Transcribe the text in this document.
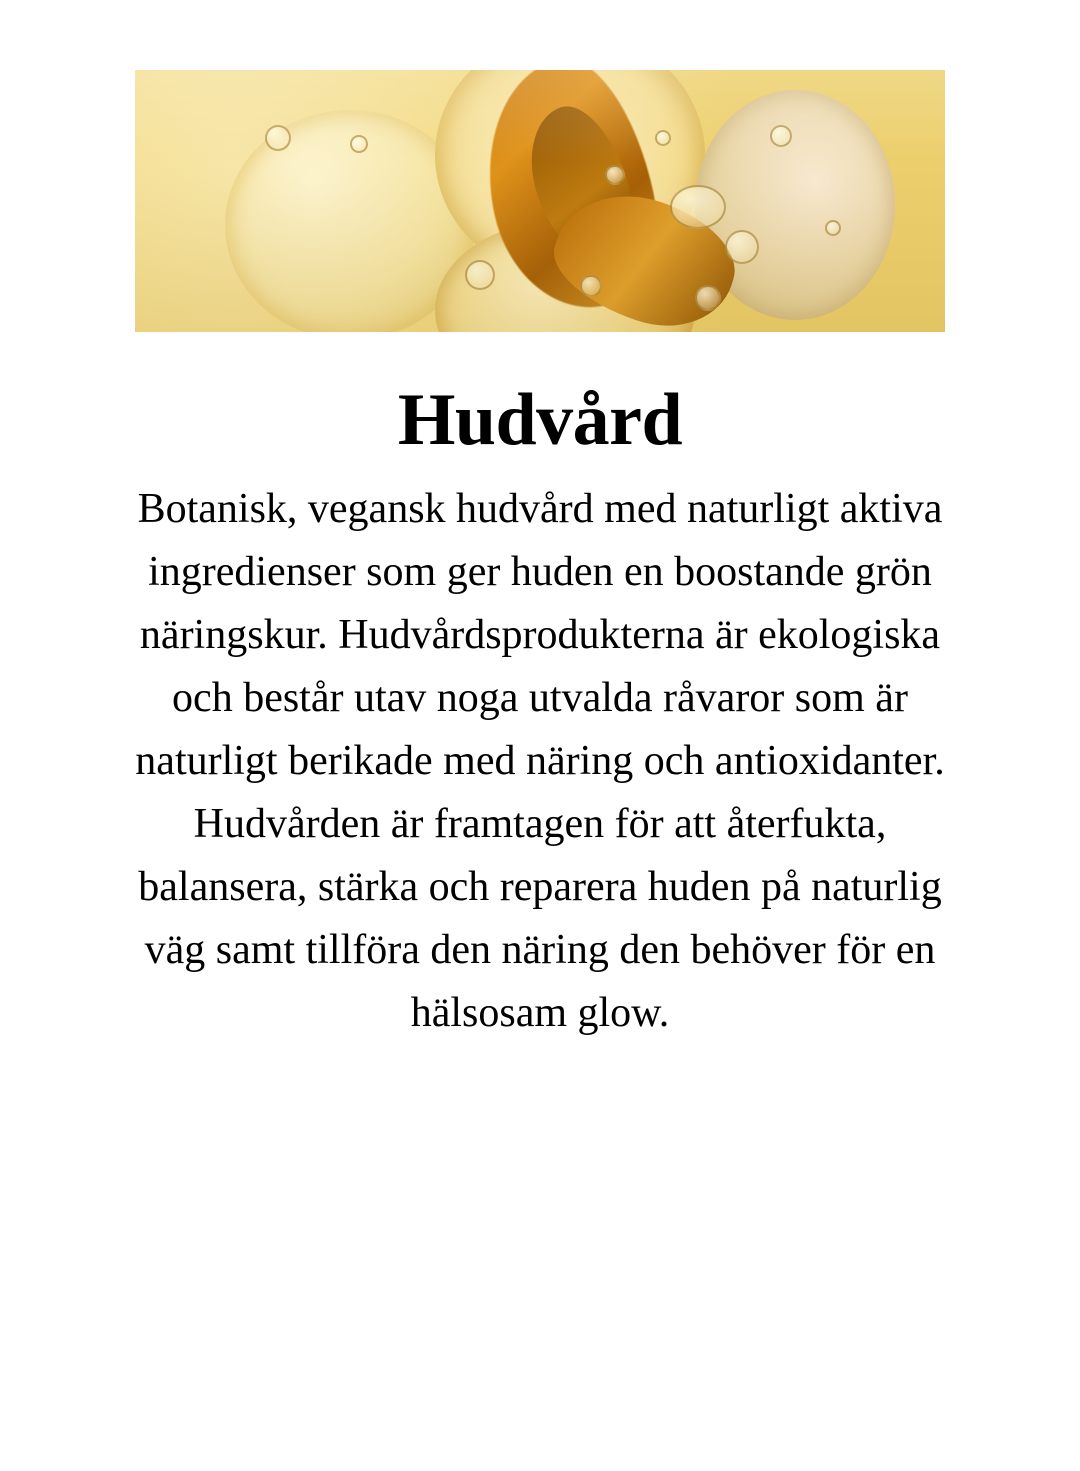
Hudvård

Botanisk, vegansk hudvård med naturligt aktiva ingredienser som ger huden en boostande grön näringskur. Hudvårdsprodukterna är ekologiska och består utav noga utvalda råvaror som är naturligt berikade med näring och antioxidanter. Hudvården är framtagen för att återfukta, balansera, stärka och reparera huden på naturlig väg samt tillföra den näring den behöver för en hälsosam glow.
